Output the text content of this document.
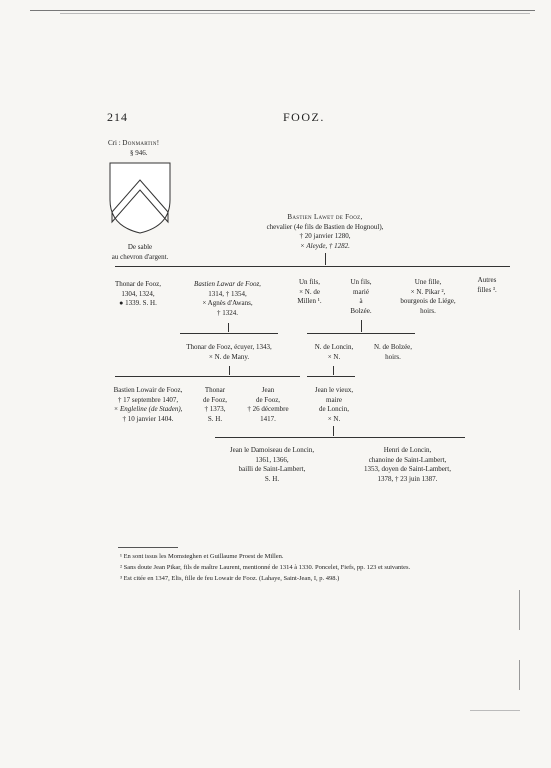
214	FOOZ.
Cri : Donmartin!
§ 946.
De sable
au chevron d'argent.
Bastien Lawet de Fooz,
chevalier (4e fils de Bastien de Hognoul),
† 20 janvier 1280,
× Aleyde, † 1282.
Thonar de Fooz,
1304, 1324,
● 1339. S. H.
Bastien Lawar de Fooz,
1314, † 1354,
× Agnès d'Awans,
† 1324.
Un fils,
× N. de
Millen ¹.
Un fils,
marié
à
Bolzée.
Une fille,
× N. Pikar ²,
bourgeois de Liége,
hoirs.
Autres
filles ³.
Thonar de Fooz, écuyer, 1343,
× N. de Many.
N. de Loncin,
× N.
N. de Bolzée,
hoirs.
Bastien Lowair de Fooz,
† 17 septembre 1407,
× Engleline (de Staden),
† 10 janvier 1404.
Thonar
de Fooz,
† 1373,
S. H.
Jean
de Fooz,
† 26 décembre
1417.
Jean le vieux,
maire
de Loncin,
× N.
Jean le Damoiseau de Loncin,
1361, 1366,
bailli de Saint-Lambert,
S. H.
Henri de Loncin,
chanoine de Saint-Lambert,
1353, doyen de Saint-Lambert,
1378, † 23 juin 1387.
¹ En sont issus les Momsteghen et Guillaume Proest de Millen.
² Sans doute Jean Pikar, fils de maître Laurent, mentionné de 1314 à 1330. Poncelet, Fiefs, pp. 123 et suivantes.
³ Est citée en 1347, Elis, fille de feu Lowair de Fooz. (Lahaye, Saint-Jean, I, p. 498.)
